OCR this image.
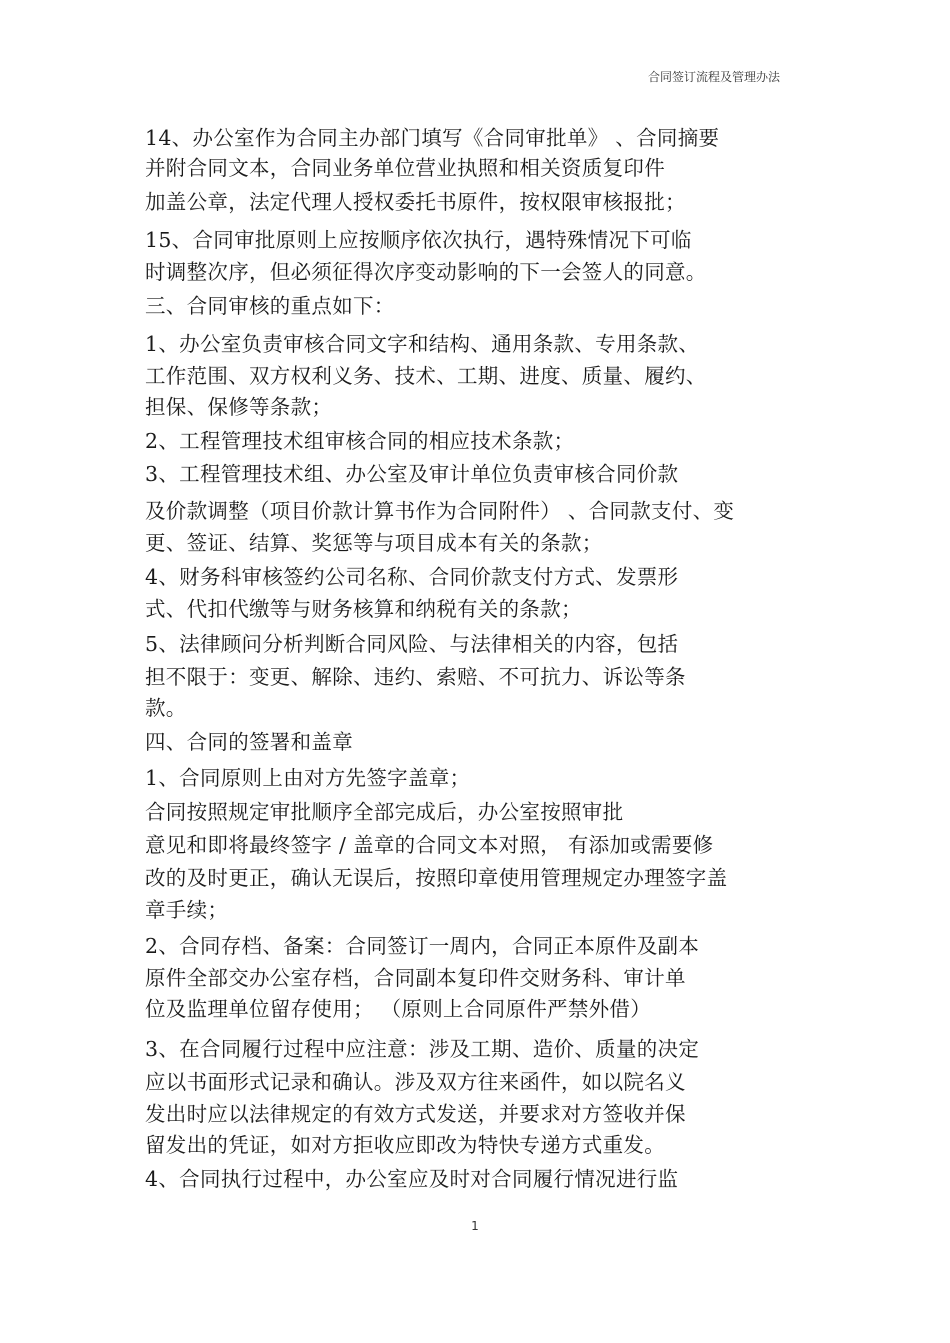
合同签订流程及管理办法
14、办公室作为合同主办部门填写《合同审批单》 、合同摘要
并附合同文本，合同业务单位营业执照和相关资质复印件
加盖公章，法定代理人授权委托书原件，按权限审核报批；
15、合同审批原则上应按顺序依次执行，遇特殊情况下可临
时调整次序，但必须征得次序变动影响的下一会签人的同意。
三、合同审核的重点如下：
1、办公室负责审核合同文字和结构、通用条款、专用条款、
工作范围、双方权利义务、技术、工期、进度、质量、履约、
担保、保修等条款；
2、工程管理技术组审核合同的相应技术条款；
3、工程管理技术组、办公室及审计单位负责审核合同价款
及价款调整（项目价款计算书作为合同附件） 、合同款支付、变
更、签证、结算、奖惩等与项目成本有关的条款；
4、财务科审核签约公司名称、合同价款支付方式、发票形
式、代扣代缴等与财务核算和纳税有关的条款；
5、法律顾问分析判断合同风险、与法律相关的内容，包括
担不限于：变更、解除、违约、索赔、不可抗力、诉讼等条
款。
四、合同的签署和盖章
1、合同原则上由对方先签字盖章；
合同按照规定审批顺序全部完成后，办公室按照审批
意见和即将最终签字 / 盖章的合同文本对照， 有添加或需要修
改的及时更正，确认无误后，按照印章使用管理规定办理签字盖
章手续；
2、合同存档、备案：合同签订一周内，合同正本原件及副本
原件全部交办公室存档，合同副本复印件交财务科、审计单
位及监理单位留存使用； （原则上合同原件严禁外借）
3、在合同履行过程中应注意：涉及工期、造价、质量的决定
应以书面形式记录和确认。涉及双方往来函件，如以院名义
发出时应以法律规定的有效方式发送，并要求对方签收并保
留发出的凭证，如对方拒收应即改为特快专递方式重发。
4、合同执行过程中，办公室应及时对合同履行情况进行监
1
